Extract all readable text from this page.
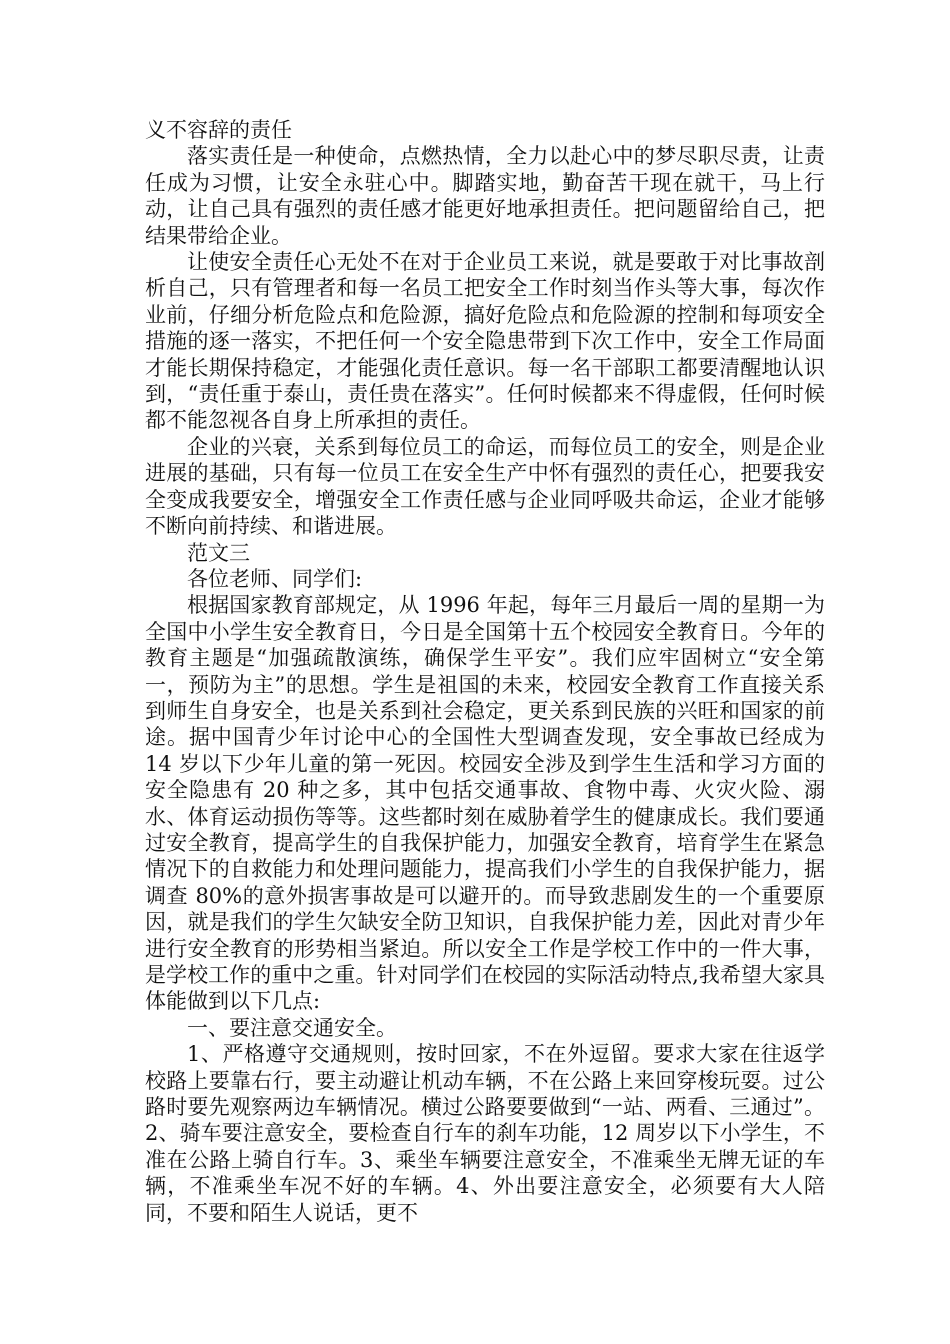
义不容辞的责任

落实责任是一种使命，点燃热情，全力以赴心中的梦尽职尽责，让责任成为习惯，让安全永驻心中。脚踏实地，勤奋苦干现在就干，马上行动，让自己具有强烈的责任感才能更好地承担责任。把问题留给自己，把结果带给企业。

让使安全责任心无处不在对于企业员工来说，就是要敢于对比事故剖析自己，只有管理者和每一名员工把安全工作时刻当作头等大事，每次作业前，仔细分析危险点和危险源，搞好危险点和危险源的控制和每项安全措施的逐一落实，不把任何一个安全隐患带到下次工作中，安全工作局面才能长期保持稳定，才能强化责任意识。每一名干部职工都要清醒地认识到，“责任重于泰山，责任贵在落实”。任何时候都来不得虚假，任何时候都不能忽视各自身上所承担的责任。

企业的兴衰，关系到每位员工的命运，而每位员工的安全，则是企业进展的基础，只有每一位员工在安全生产中怀有强烈的责任心，把要我安全变成我要安全，增强安全工作责任感与企业同呼吸共命运，企业才能够不断向前持续、和谐进展。

范文三

各位老师、同学们:

根据国家教育部规定，从 1996 年起，每年三月最后一周的星期一为全国中小学生安全教育日，今日是全国第十五个校园安全教育日。今年的教育主题是“加强疏散演练，确保学生平安”。我们应牢固树立“安全第一，预防为主”的思想。学生是祖国的未来，校园安全教育工作直接关系到师生自身安全，也是关系到社会稳定，更关系到民族的兴旺和国家的前途。据中国青少年讨论中心的全国性大型调查发现，安全事故已经成为 14 岁以下少年儿童的第一死因。校园安全涉及到学生生活和学习方面的安全隐患有 20 种之多，其中包括交通事故、食物中毒、火灾火险、溺水、体育运动损伤等等。这些都时刻在威胁着学生的健康成长。我们要通过安全教育，提高学生的自我保护能力，加强安全教育，培育学生在紧急情况下的自救能力和处理问题能力，提高我们小学生的自我保护能力，据调查 80%的意外损害事故是可以避开的。而导致悲剧发生的一个重要原因，就是我们的学生欠缺安全防卫知识，自我保护能力差，因此对青少年进行安全教育的形势相当紧迫。所以安全工作是学校工作中的一件大事，是学校工作的重中之重。针对同学们在校园的实际活动特点,我希望大家具体能做到以下几点:

一、要注意交通安全。

1、严格遵守交通规则，按时回家，不在外逗留。要求大家在往返学校路上要靠右行，要主动避让机动车辆，不在公路上来回穿梭玩耍。过公路时要先观察两边车辆情况。横过公路要要做到“一站、两看、三通过”。2、骑车要注意安全，要检查自行车的刹车功能，12 周岁以下小学生，不准在公路上骑自行车。3、乘坐车辆要注意安全，不准乘坐无牌无证的车辆，不准乘坐车况不好的车辆。4、外出要注意安全，必须要有大人陪同，不要和陌生人说话，更不
